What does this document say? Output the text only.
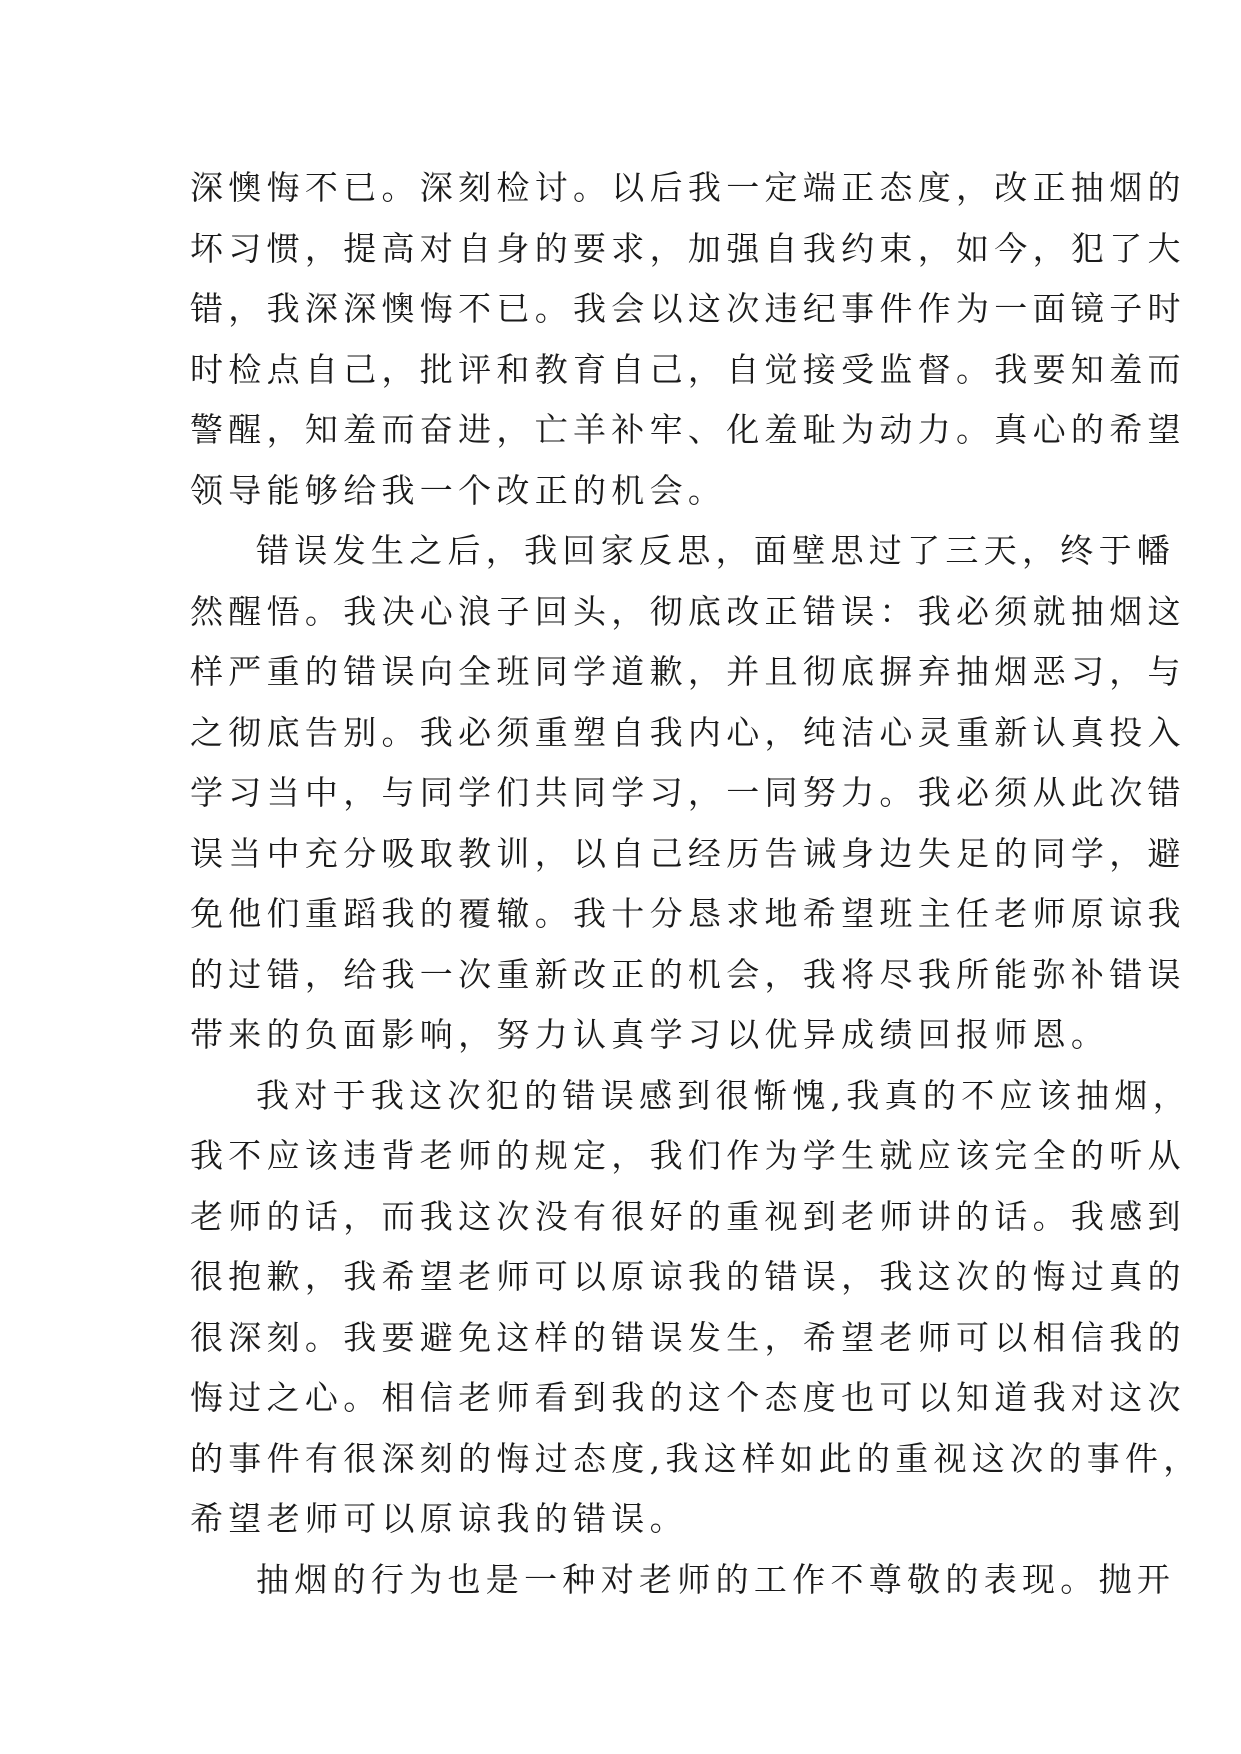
深懊悔不已。深刻检讨。以后我一定端正态度，改正抽烟的
坏习惯，提高对自身的要求，加强自我约束，如今，犯了大
错，我深深懊悔不已。我会以这次违纪事件作为一面镜子时
时检点自己，批评和教育自己，自觉接受监督。我要知羞而
警醒，知羞而奋进，亡羊补牢、化羞耻为动力。真心的希望
领导能够给我一个改正的机会。
错误发生之后，我回家反思，面壁思过了三天，终于幡
然醒悟。我决心浪子回头，彻底改正错误：我必须就抽烟这
样严重的错误向全班同学道歉，并且彻底摒弃抽烟恶习，与
之彻底告别。我必须重塑自我内心，纯洁心灵重新认真投入
学习当中，与同学们共同学习，一同努力。我必须从此次错
误当中充分吸取教训，以自己经历告诫身边失足的同学，避
免他们重蹈我的覆辙。我十分恳求地希望班主任老师原谅我
的过错，给我一次重新改正的机会，我将尽我所能弥补错误
带来的负面影响，努力认真学习以优异成绩回报师恩。
我对于我这次犯的错误感到很惭愧,我真的不应该抽烟，
我不应该违背老师的规定，我们作为学生就应该完全的听从
老师的话，而我这次没有很好的重视到老师讲的话。我感到
很抱歉，我希望老师可以原谅我的错误，我这次的悔过真的
很深刻。我要避免这样的错误发生，希望老师可以相信我的
悔过之心。相信老师看到我的这个态度也可以知道我对这次
的事件有很深刻的悔过态度,我这样如此的重视这次的事件，
希望老师可以原谅我的错误。
抽烟的行为也是一种对老师的工作不尊敬的表现。抛开
